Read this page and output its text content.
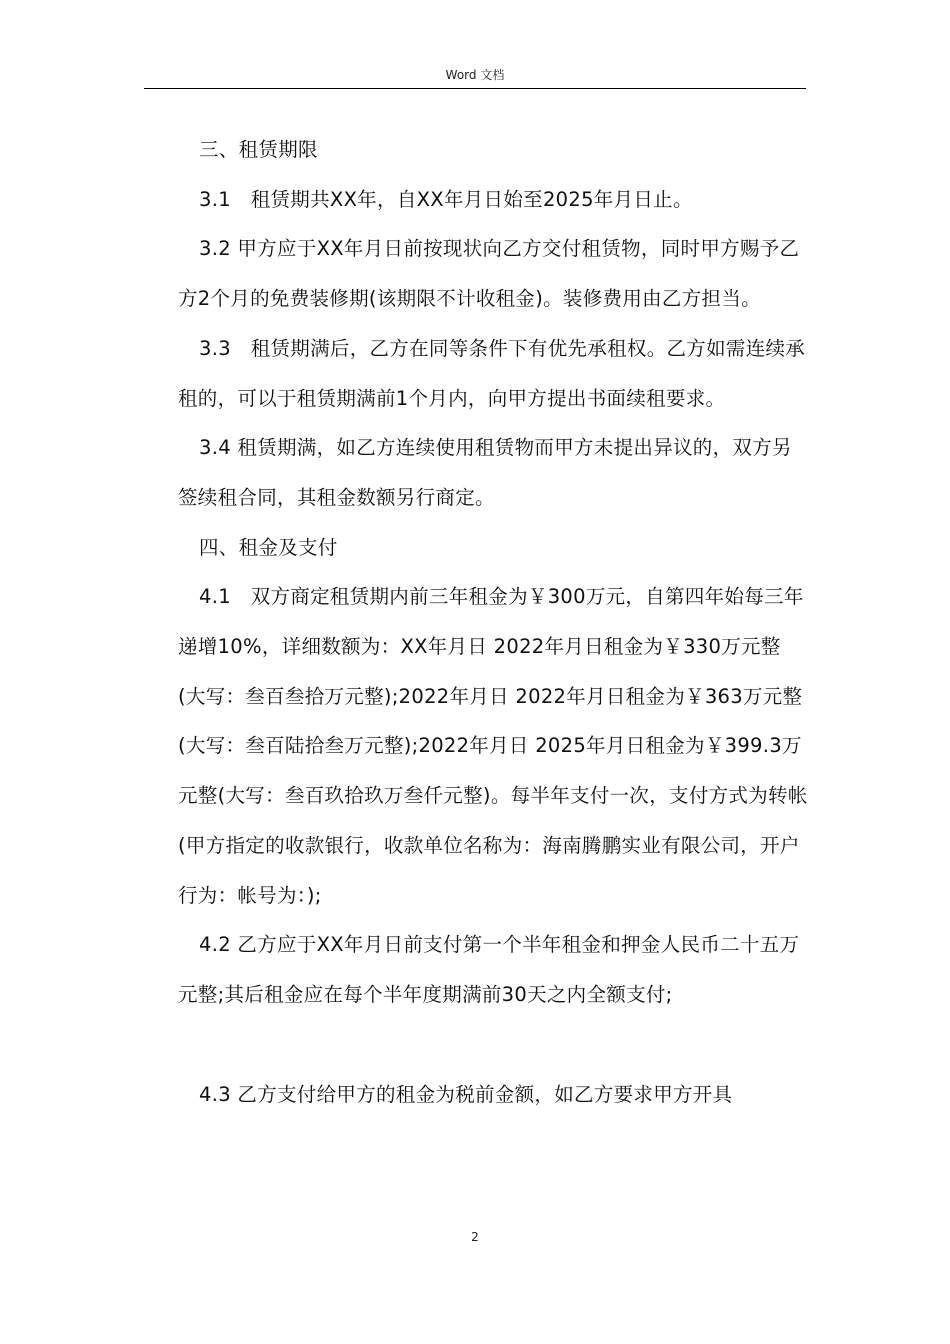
Word 文档

三、租赁期限

3.1　租赁期共XX年，自XX年月日始至2025年月日止。

3.2 甲方应于XX年月日前按现状向乙方交付租赁物，同时甲方赐予乙方2个月的免费装修期(该期限不计收租金)。装修费用由乙方担当。

3.3　租赁期满后，乙方在同等条件下有优先承租权。乙方如需连续承租的，可以于租赁期满前1个月内，向甲方提出书面续租要求。

3.4 租赁期满，如乙方连续使用租赁物而甲方未提出异议的，双方另签续租合同，其租金数额另行商定。

四、租金及支付

4.1　双方商定租赁期内前三年租金为￥300万元，自第四年始每三年递增10%，详细数额为：XX年月日 2022年月日租金为￥330万元整(大写：叁百叁拾万元整);2022年月日 2022年月日租金为￥363万元整(大写：叁百陆拾叁万元整);2022年月日 2025年月日租金为￥399.3万元整(大写：叁百玖拾玖万叁仟元整)。每半年支付一次，支付方式为转帐(甲方指定的收款银行，收款单位名称为：海南腾鹏实业有限公司，开户行为：帐号为：);

4.2 乙方应于XX年月日前支付第一个半年租金和押金人民币二十五万元整;其后租金应在每个半年度期满前30天之内全额支付;

4.3 乙方支付给甲方的租金为税前金额，如乙方要求甲方开具

2
